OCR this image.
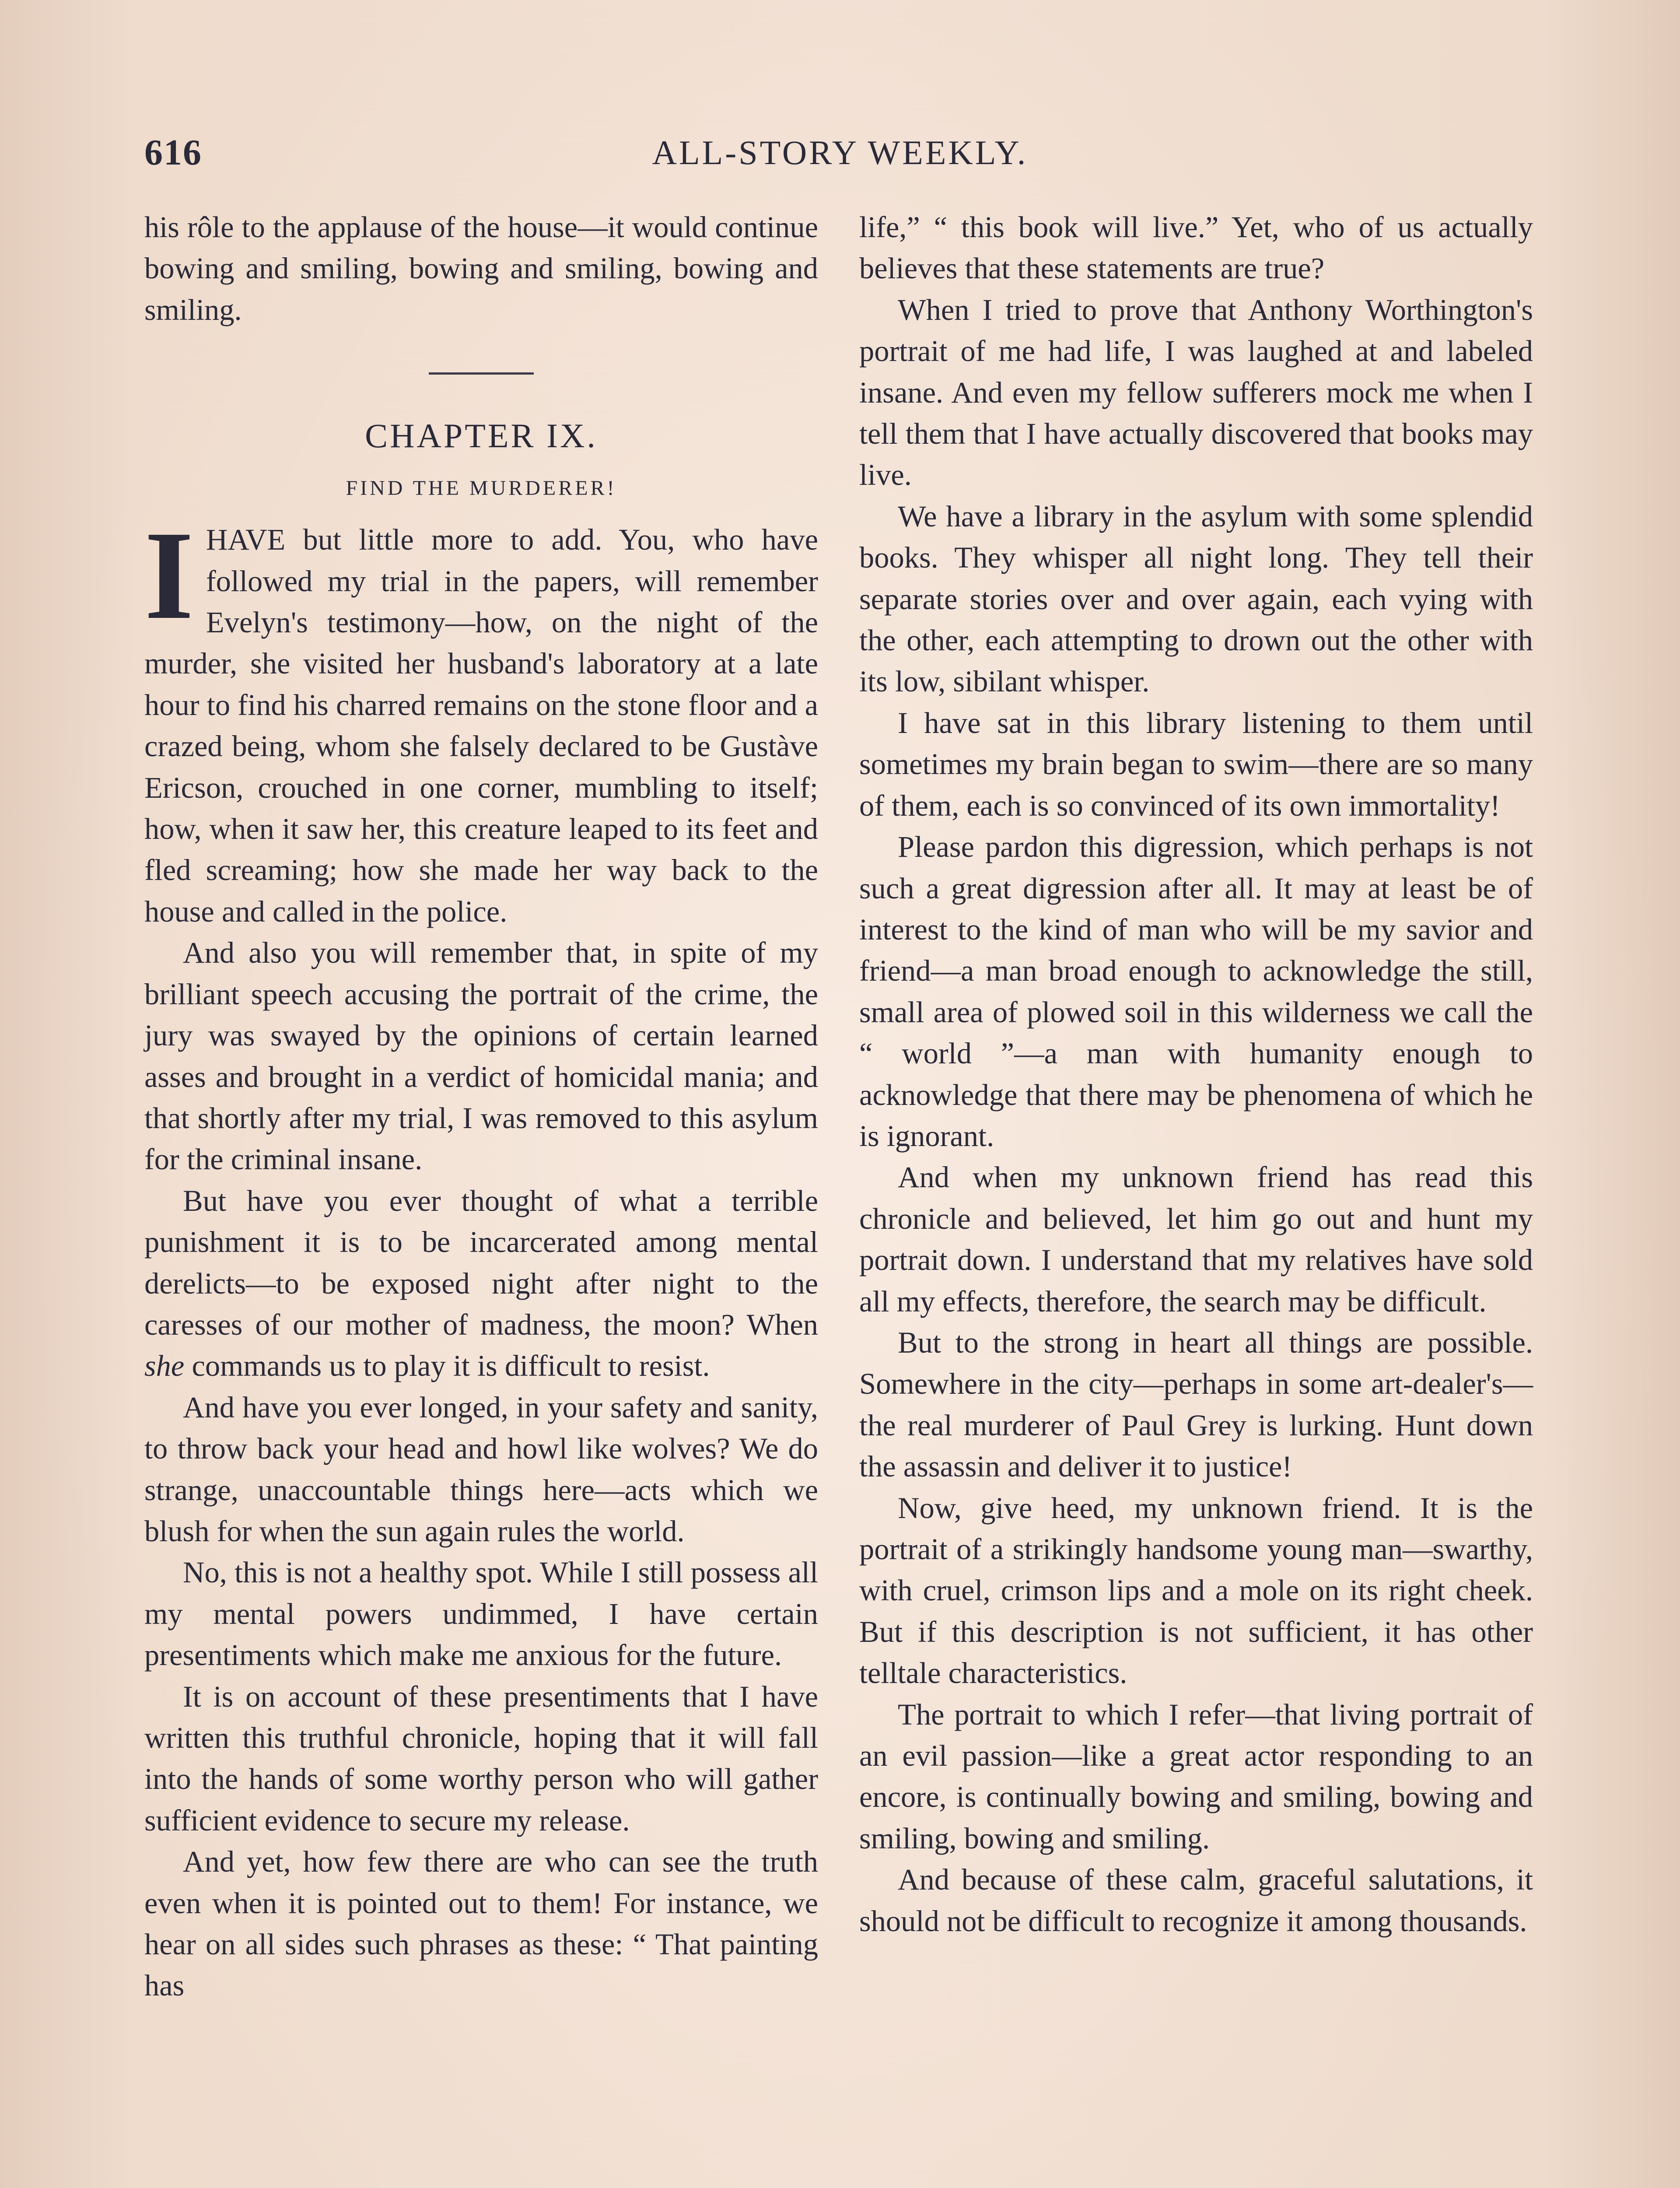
616	ALL-STORY WEEKLY.

his rôle to the applause of the house—it would continue bowing and smiling, bowing and smiling, bowing and smiling.

CHAPTER IX.
FIND THE MURDERER!

IHAVE but little more to add. You, who have followed my trial in the papers, will remember Evelyn's testimony—how, on the night of the murder, she visited her husband's laboratory at a late hour to find his charred remains on the stone floor and a crazed being, whom she falsely declared to be Gustàve Ericson, crouched in one corner, mumbling to itself; how, when it saw her, this creature leaped to its feet and fled screaming; how she made her way back to the house and called in the police.

And also you will remember that, in spite of my brilliant speech accusing the portrait of the crime, the jury was swayed by the opinions of certain learned asses and brought in a verdict of homicidal mania; and that shortly after my trial, I was removed to this asylum for the criminal insane.

But have you ever thought of what a terrible punishment it is to be incarcerated among mental derelicts—to be exposed night after night to the caresses of our mother of madness, the moon? When she commands us to play it is difficult to resist.

And have you ever longed, in your safety and sanity, to throw back your head and howl like wolves? We do strange, unaccountable things here—acts which we blush for when the sun again rules the world.

No, this is not a healthy spot. While I still possess all my mental powers undimmed, I have certain presentiments which make me anxious for the future.

It is on account of these presentiments that I have written this truthful chronicle, hoping that it will fall into the hands of some worthy person who will gather sufficient evidence to secure my release.

And yet, how few there are who can see the truth even when it is pointed out to them! For instance, we hear on all sides such phrases as these: “ That painting has

life,” “ this book will live.” Yet, who of us actually believes that these statements are true?

When I tried to prove that Anthony Worthington's portrait of me had life, I was laughed at and labeled insane. And even my fellow sufferers mock me when I tell them that I have actually discovered that books may live.

We have a library in the asylum with some splendid books. They whisper all night long. They tell their separate stories over and over again, each vying with the other, each attempting to drown out the other with its low, sibilant whisper.

I have sat in this library listening to them until sometimes my brain began to swim—there are so many of them, each is so convinced of its own immortality!

Please pardon this digression, which perhaps is not such a great digression after all. It may at least be of interest to the kind of man who will be my savior and friend—a man broad enough to acknowledge the still, small area of plowed soil in this wilderness we call the “ world ”—a man with humanity enough to acknowledge that there may be phenomena of which he is ignorant.

And when my unknown friend has read this chronicle and believed, let him go out and hunt my portrait down. I understand that my relatives have sold all my effects, therefore, the search may be difficult.

But to the strong in heart all things are possible. Somewhere in the city—perhaps in some art-dealer's—the real murderer of Paul Grey is lurking. Hunt down the assassin and deliver it to justice!

Now, give heed, my unknown friend. It is the portrait of a strikingly handsome young man—swarthy, with cruel, crimson lips and a mole on its right cheek. But if this description is not sufficient, it has other telltale characteristics.

The portrait to which I refer—that living portrait of an evil passion—like a great actor responding to an encore, is continually bowing and smiling, bowing and smiling, bowing and smiling.

And because of these calm, graceful salutations, it should not be difficult to recognize it among thousands.
